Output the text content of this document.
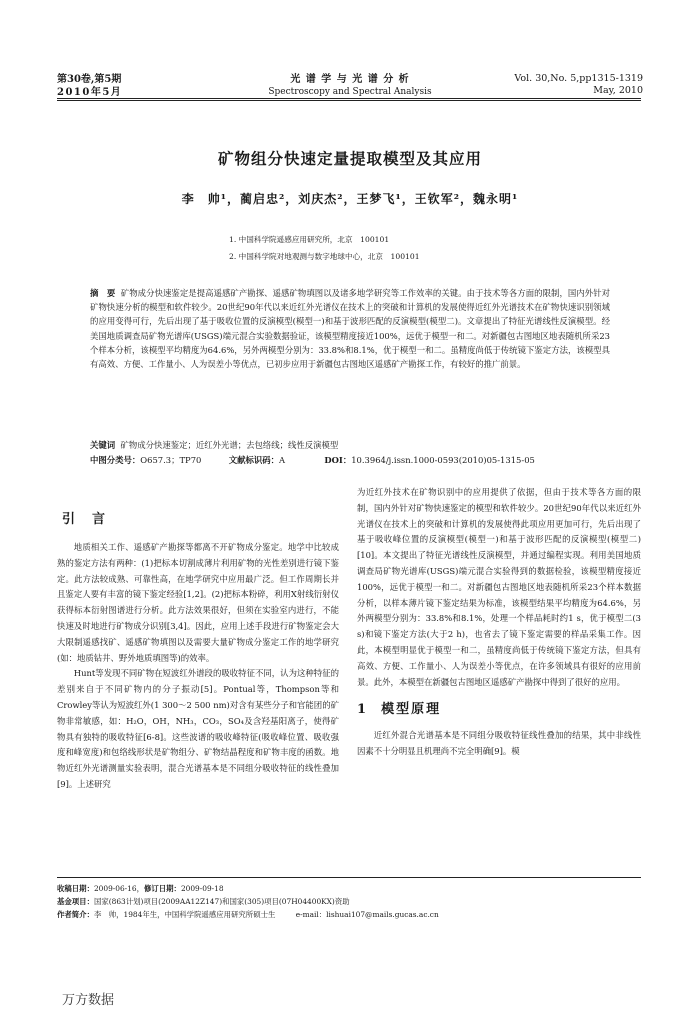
第30卷,第5期
2010年5月
光 谱 学 与 光 谱 分 析
Spectroscopy and Spectral Analysis
Vol. 30,No. 5,pp1315-1319
May, 2010
矿物组分快速定量提取模型及其应用
李　帅¹，蔺启忠²，刘庆杰²，王梦飞¹，王钦军²，魏永明¹
1. 中国科学院遥感应用研究所，北京　100101
2. 中国科学院对地观测与数字地球中心，北京　100101
摘　要 矿物成分快速鉴定是提高遥感矿产勘探、遥感矿物填图以及诸多地学研究等工作效率的关键。由于技术等各方面的限制，国内外针对矿物快速分析的模型和软件较少。20世纪90年代以来近红外光谱仪在技术上的突破和计算机的发展使得近红外光谱技术在矿物快速识别领域的应用变得可行，先后出现了基于吸收位置的反演模型(模型一)和基于波形匹配的反演模型(模型二)。文章提出了特征光谱线性反演模型。经美国地质调查局矿物光谱库(USGS)端元混合实验数据验证，该模型精度接近100%，远优于模型一和二。对新疆包古图地区地表随机所采23个样本分析，该模型平均精度为64.6%，另外两模型分别为：33.8%和8.1%，优于模型一和二。虽精度尚低于传统镜下鉴定方法，该模型具有高效、方便、工作量小、人为误差小等优点，已初步应用于新疆包古图地区遥感矿产勘探工作，有较好的推广前景。
关键词 矿物成分快速鉴定；近红外光谱；去包络线；线性反演模型
中图分类号：O657.3；TP70	文献标识码：A	DOI：10.3964/j.issn.1000-0593(2010)05-1315-05
引　言

地质相关工作、遥感矿产勘探等都离不开矿物成分鉴定。地学中比较成熟的鉴定方法有两种：(1)把标本切割成薄片利用矿物的光性差别进行镜下鉴定。此方法较成熟、可靠性高，在地学研究中应用最广泛。但工作周期长并且鉴定人要有丰富的镜下鉴定经验[1,2]。(2)把标本粉碎，利用X射线衍射仪获得标本衍射图谱进行分析。此方法效果很好，但须在实验室内进行，不能快速及时地进行矿物成分识别[3,4]。因此，应用上述手段进行矿物鉴定会大大限制遥感找矿、遥感矿物填图以及需要大量矿物成分鉴定工作的地学研究(如：地质钻井、野外地质填图等)的效率。

Hunt等发现不同矿物在短波红外谱段的吸收特征不同，认为这种特征的差别来自于不同矿物内的分子振动[5]。Pontual等，Thompson等和Crowley等认为短波红外(1 300～2 500 nm)对含有某些分子和官能团的矿物非常敏感，如：H₂O，OH，NH₃，CO₃，SO₄及含羟基阳离子，使得矿物具有独特的吸收特征[6-8]。这些波谱的吸收峰特征(吸收峰位置、吸收强度和峰宽度)和包络线形状是矿物组分、矿物结晶程度和矿物丰度的函数。地物近红外光谱测量实验表明，混合光谱基本是不同组分吸收特征的线性叠加[9]。上述研究

为近红外技术在矿物识别中的应用提供了依据，但由于技术等各方面的限制，国内外针对矿物快速鉴定的模型和软件较少。20世纪90年代以来近红外光谱仪在技术上的突破和计算机的发展使得此项应用更加可行，先后出现了基于吸收峰位置的反演模型(模型一)和基于波形匹配的反演模型(模型二)[10]。本文提出了特征光谱线性反演模型，并通过编程实现。利用美国地质调查局矿物光谱库(USGS)端元混合实验得到的数据检验，该模型精度接近100%，远优于模型一和二。对新疆包古图地区地表随机所采23个样本数据分析，以样本薄片镜下鉴定结果为标准，该模型结果平均精度为64.6%，另外两模型分别为：33.8%和8.1%，处理一个样品耗时约1 s，优于模型二(3 s)和镜下鉴定方法(大于2 h)，也省去了镜下鉴定需要的样品采集工作。因此，本模型明显优于模型一和二，虽精度尚低于传统镜下鉴定方法，但具有高效、方便、工作量小、人为误差小等优点，在许多领域具有很好的应用前景。此外，本模型在新疆包古图地区遥感矿产勘探中得到了很好的应用。

1 模型原理

近红外混合光谱基本是不同组分吸收特征线性叠加的结果，其中非线性因素不十分明显且机理尚不完全明确[9]。模

收稿日期：2009-06-16，修订日期：2009-09-18
基金项目：国家(863计划)项目(2009AA12Z147)和国家(305)项目(07H04400KX)资助
作者简介：李　帅，1984年生，中国科学院遥感应用研究所硕士生	e-mail：lishuai107@mails.gucas.ac.cn
万方数据
